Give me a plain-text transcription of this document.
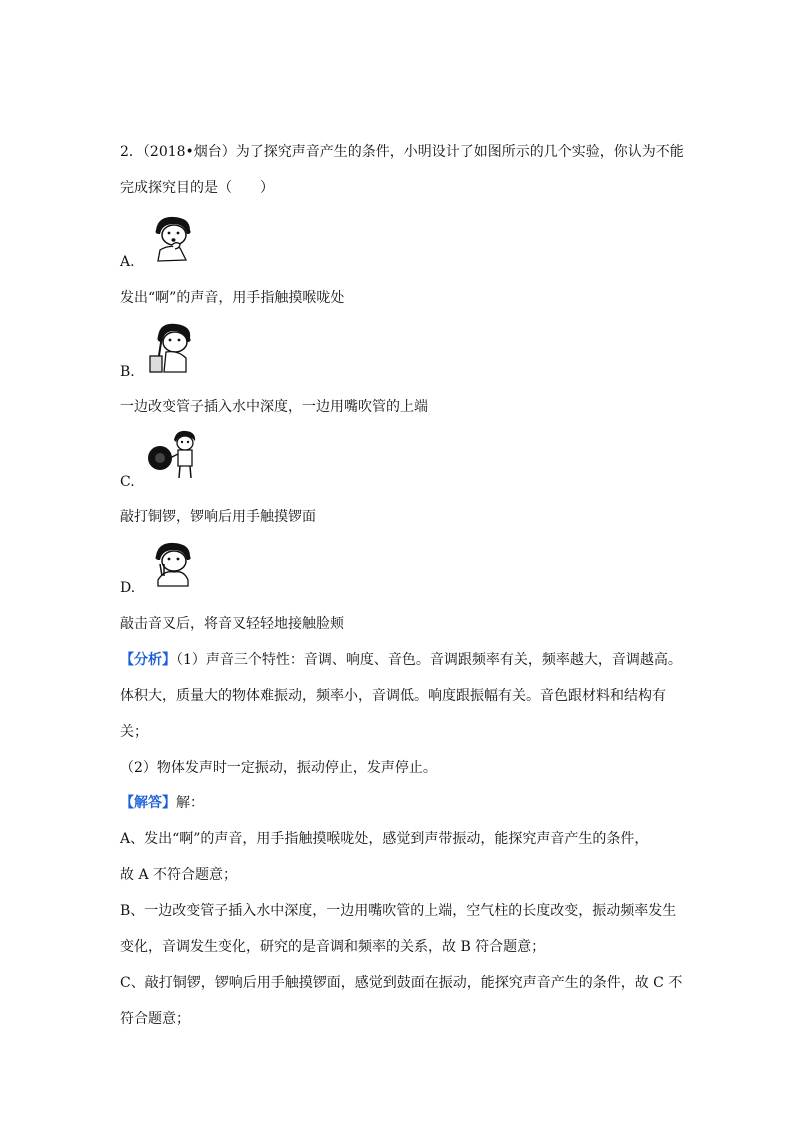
2．（2018•烟台）为了探究声音产生的条件，小明设计了如图所示的几个实验，你认为不能
完成探究目的是（　　）
A.
发出“啊”的声音，用手指触摸喉咙处
B.
一边改变管子插入水中深度，一边用嘴吹管的上端
C.
敲打铜锣，锣响后用手触摸锣面
D.
敲击音叉后，将音叉轻轻地接触脸颊
【分析】（1）声音三个特性：音调、响度、音色。音调跟频率有关，频率越大，音调越高。
体积大，质量大的物体难振动，频率小，音调低。响度跟振幅有关。音色跟材料和结构有
关；
（2）物体发声时一定振动，振动停止，发声停止。
【解答】解：
A、发出“啊”的声音，用手指触摸喉咙处，感觉到声带振动，能探究声音产生的条件，
故 A 不符合题意；
B、一边改变管子插入水中深度，一边用嘴吹管的上端，空气柱的长度改变，振动频率发生
变化，音调发生变化，研究的是音调和频率的关系，故 B 符合题意；
C、敲打铜锣，锣响后用手触摸锣面，感觉到鼓面在振动，能探究声音产生的条件，故 C 不
符合题意；
